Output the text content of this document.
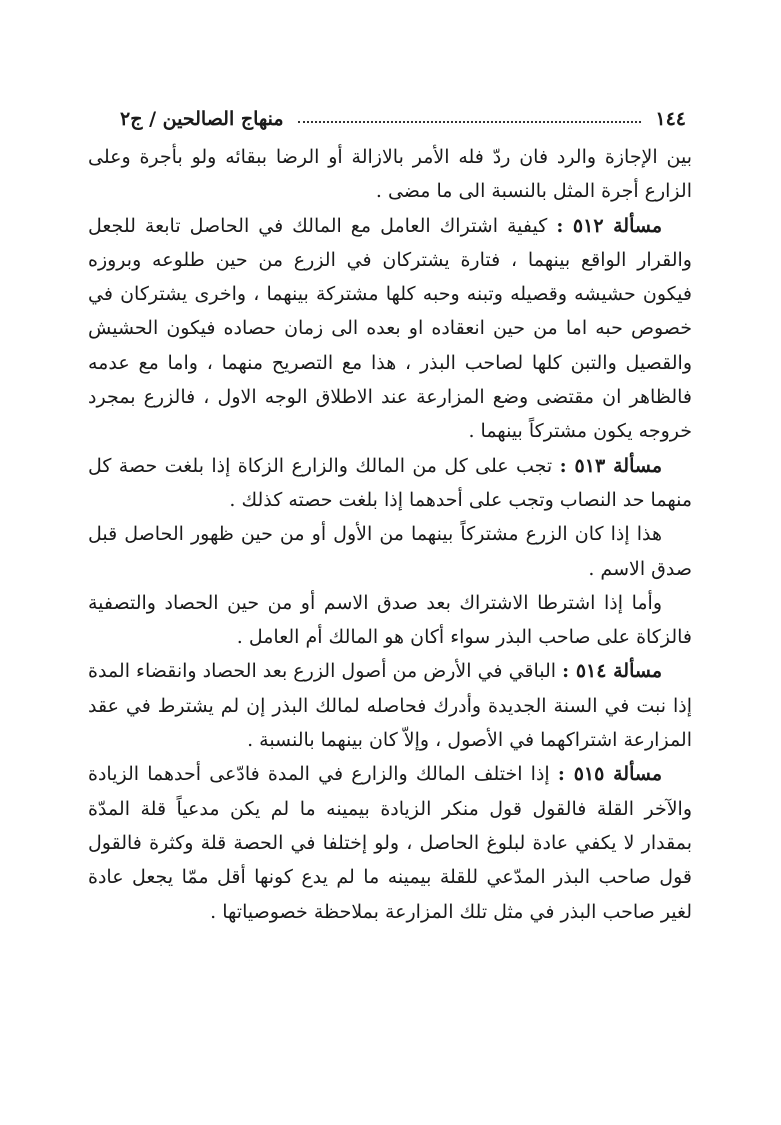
١٤٤
منهاج الصالحين / ج٢

بين الإجازة والرد فان ردّ فله الأمر بالازالة أو الرضا ببقائه ولو بأجرة وعلى الزارع أجرة المثل بالنسبة الى ما مضى .

مسألة ٥١٢ : كيفية اشتراك العامل مع المالك في الحاصل تابعة للجعل والقرار الواقع بينهما ، فتارة يشتركان في الزرع من حين طلوعه وبروزه فيكون حشيشه وقصيله وتبنه وحبه كلها مشتركة بينهما ، واخرى يشتركان في خصوص حبه اما من حين انعقاده او بعده الى زمان حصاده فيكون الحشيش والقصيل والتبن كلها لصاحب البذر ، هذا مع التصريح منهما ، واما مع عدمه فالظاهر ان مقتضى وضع المزارعة عند الاطلاق الوجه الاول ، فالزرع بمجرد خروجه يكون مشتركاً بينهما .

مسألة ٥١٣ : تجب على كل من المالك والزارع الزكاة إذا بلغت حصة كل منهما حد النصاب وتجب على أحدهما إذا بلغت حصته كذلك .

هذا إذا كان الزرع مشتركاً بينهما من الأول أو من حين ظهور الحاصل قبل صدق الاسم .

وأما إذا اشترطا الاشتراك بعد صدق الاسم أو من حين الحصاد والتصفية فالزكاة على صاحب البذر سواء أكان هو المالك أم العامل .

مسألة ٥١٤ : الباقي في الأرض من أصول الزرع بعد الحصاد وانقضاء المدة إذا نبت في السنة الجديدة وأدرك فحاصله لمالك البذر إن لم يشترط في عقد المزارعة اشتراكهما في الأصول ، وإلاّ كان بينهما بالنسبة .

مسألة ٥١٥ : إذا اختلف المالك والزارع في المدة فادّعى أحدهما الزيادة والآخر القلة فالقول قول منكر الزيادة بيمينه ما لم يكن مدعياً قلة المدّة بمقدار لا يكفي عادة لبلوغ الحاصل ، ولو إختلفا في الحصة قلة وكثرة فالقول قول صاحب البذر المدّعي للقلة بيمينه ما لم يدع كونها أقل ممّا يجعل عادة لغير صاحب البذر في مثل تلك المزارعة بملاحظة خصوصياتها .
